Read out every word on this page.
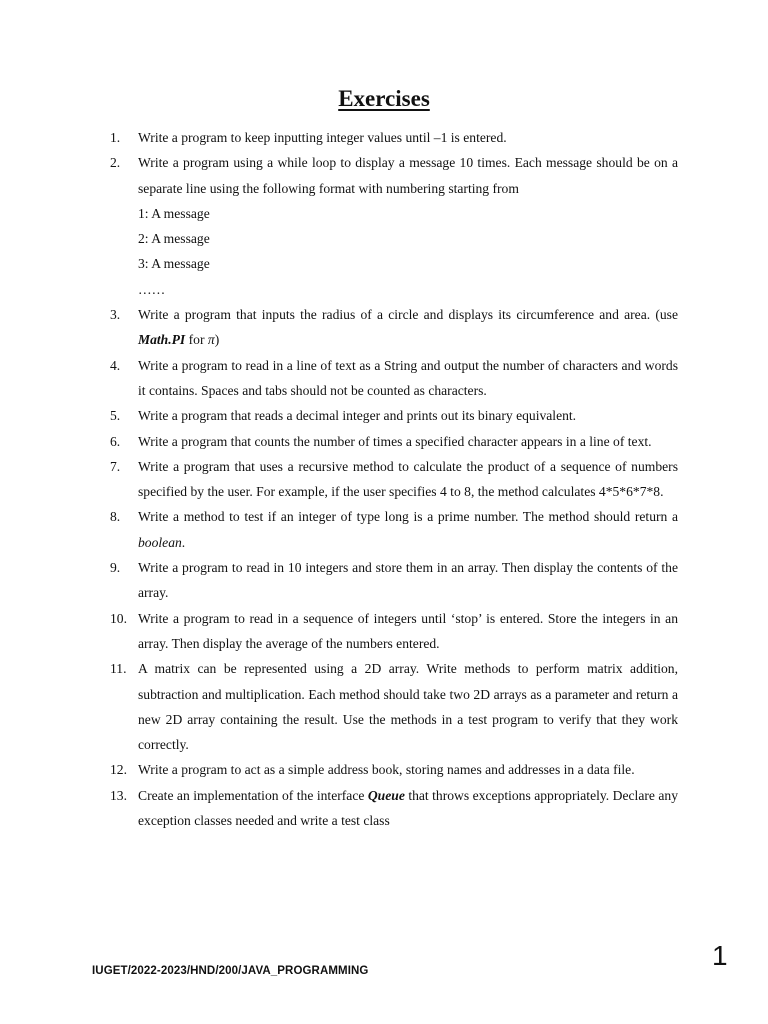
Exercises
1.	Write a program to keep inputting integer values until –1 is entered.
2.	Write a program using a while loop to display a message 10 times. Each message should be on a separate line using the following format with numbering starting from
1: A message
2: A message
3: A message
……
3.	Write a program that inputs the radius of a circle and displays its circumference and area. (use Math.PI for π)
4.	Write a program to read in a line of text as a String and output the number of characters and words it contains. Spaces and tabs should not be counted as characters.
5.	Write a program that reads a decimal integer and prints out its binary equivalent.
6.	Write a program that counts the number of times a specified character appears in a line of text.
7.	Write a program that uses a recursive method to calculate the product of a sequence of numbers specified by the user. For example, if the user specifies 4 to 8, the method calculates 4*5*6*7*8.
8.	Write a method to test if an integer of type long is a prime number. The method should return a boolean.
9.	Write a program to read in 10 integers and store them in an array. Then display the contents of the array.
10. Write a program to read in a sequence of integers until ‘stop’ is entered. Store the integers in an array. Then display the average of the numbers entered.
11. A matrix can be represented using a 2D array. Write methods to perform matrix addition, subtraction and multiplication. Each method should take two 2D arrays as a parameter and return a new 2D array containing the result. Use the methods in a test program to verify that they work correctly.
12. Write a program to act as a simple address book, storing names and addresses in a data file.
13. Create an implementation of the interface Queue that throws exceptions appropriately. Declare any exception classes needed and write a test class
IUGET/2022-2023/HND/200/JAVA_PROGRAMMING	1
